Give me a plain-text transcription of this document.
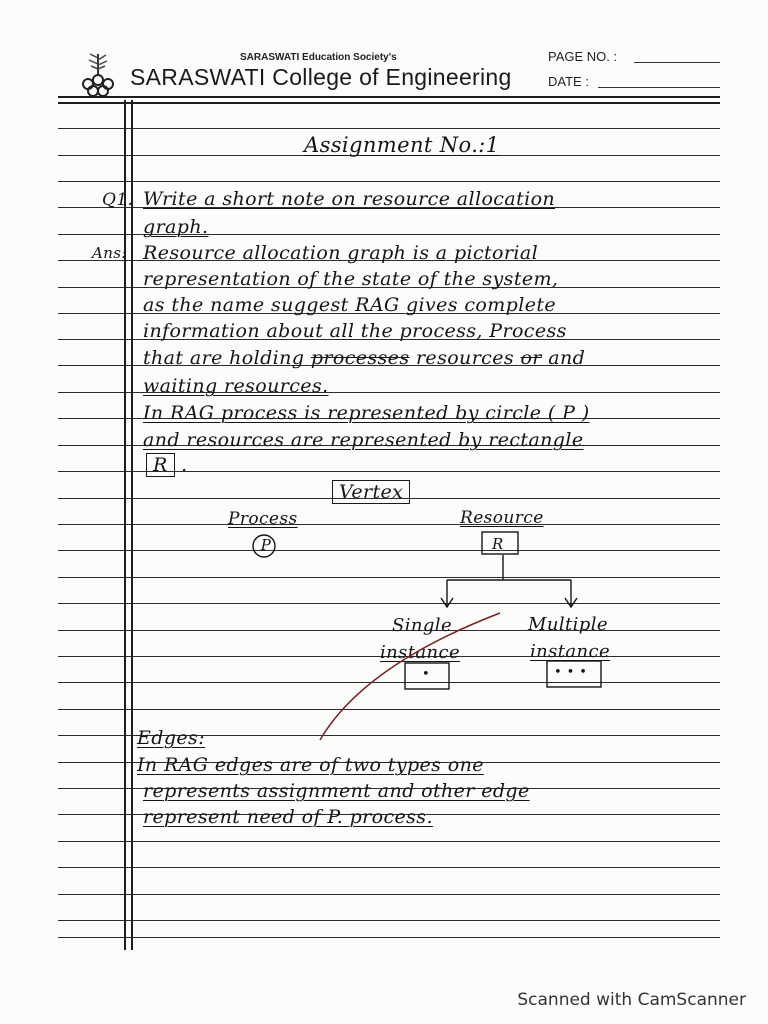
SARASWATI Education Society's
SARASWATI College of Engineering
PAGE NO. :
DATE :
Assignment No.:1
Q1. Write a short note on resource allocation
graph.
Ans: Resource allocation graph is a pictorial
representation of the state of the system,
as the name suggest RAG gives complete
information about all the process, Process
that are holding processes resources or and
waiting resources.
In RAG process is represented by circle ( P )
and resources are represented by rectangle
R .
Vertex
Process	Resource
P	R
Single
instance
Multiple
instance
•	• • •
Edges:
In RAG edges are of two types one
represents assignment and other edge
represent need of P. process.
Scanned with CamScanner
